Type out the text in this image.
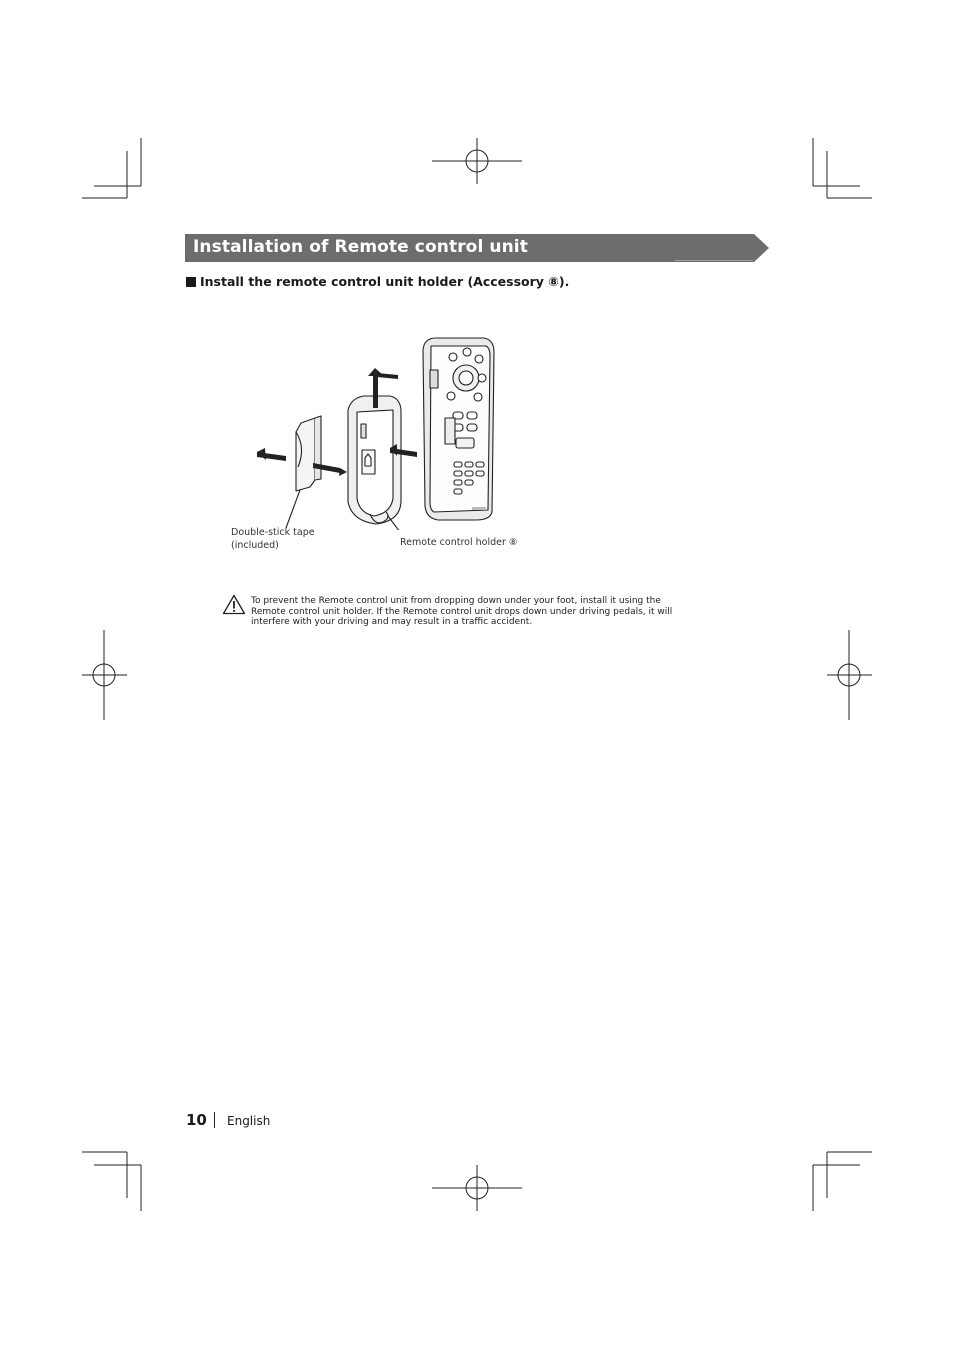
Installation of Remote control unit
Install the remote control unit holder (Accessory ⑧).
Double-stick tape
(included)	Remote control holder ⑧
To prevent the Remote control unit from dropping down under your foot, install it using the Remote control unit holder. If the Remote control unit drops down under driving pedals, it will interfere with your driving and may result in a traffic accident.
10 English
